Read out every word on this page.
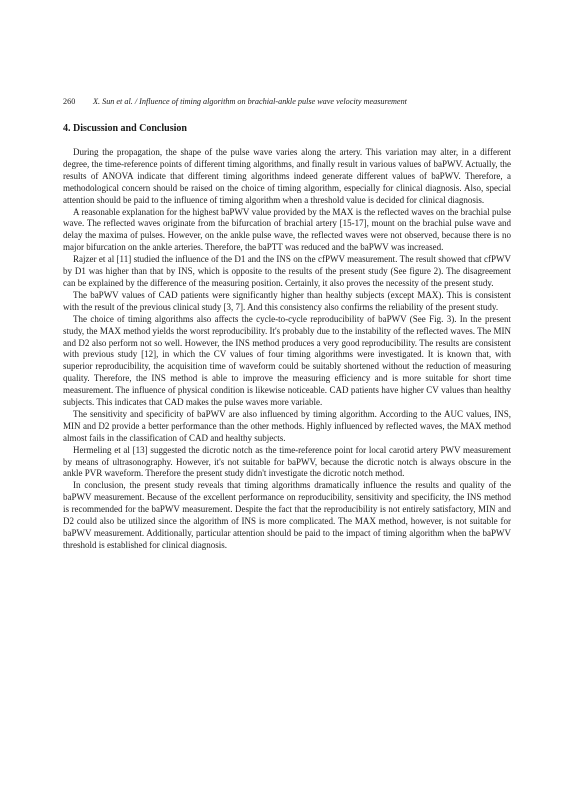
260	X. Sun et al. / Influence of timing algorithm on brachial-ankle pulse wave velocity measurement
4. Discussion and Conclusion

During the propagation, the shape of the pulse wave varies along the artery. This variation may alter, in a different degree, the time-reference points of different timing algorithms, and finally result in various values of baPWV. Actually, the results of ANOVA indicate that different timing algorithms indeed generate different values of baPWV. Therefore, a methodological concern should be raised on the choice of timing algorithm, especially for clinical diagnosis. Also, special attention should be paid to the influence of timing algorithm when a threshold value is decided for clinical diagnosis.

A reasonable explanation for the highest baPWV value provided by the MAX is the reflected waves on the brachial pulse wave. The reflected waves originate from the bifurcation of brachial artery [15-17], mount on the brachial pulse wave and delay the maxima of pulses. However, on the ankle pulse wave, the reflected waves were not observed, because there is no major bifurcation on the ankle arteries. Therefore, the baPTT was reduced and the baPWV was increased.

Rajzer et al [11] studied the influence of the D1 and the INS on the cfPWV measurement. The result showed that cfPWV by D1 was higher than that by INS, which is opposite to the results of the present study (See figure 2). The disagreement can be explained by the difference of the measuring position. Certainly, it also proves the necessity of the present study.

The baPWV values of CAD patients were significantly higher than healthy subjects (except MAX). This is consistent with the result of the previous clinical study [3, 7]. And this consistency also confirms the reliability of the present study.

The choice of timing algorithms also affects the cycle-to-cycle reproducibility of baPWV (See Fig. 3). In the present study, the MAX method yields the worst reproducibility. It's probably due to the instability of the reflected waves. The MIN and D2 also perform not so well. However, the INS method produces a very good reproducibility. The results are consistent with previous study [12], in which the CV values of four timing algorithms were investigated. It is known that, with superior reproducibility, the acquisition time of waveform could be suitably shortened without the reduction of measuring quality. Therefore, the INS method is able to improve the measuring efficiency and is more suitable for short time measurement. The influence of physical condition is likewise noticeable. CAD patients have higher CV values than healthy subjects. This indicates that CAD makes the pulse waves more variable.

The sensitivity and specificity of baPWV are also influenced by timing algorithm. According to the AUC values, INS, MIN and D2 provide a better performance than the other methods. Highly influenced by reflected waves, the MAX method almost fails in the classification of CAD and healthy subjects.

Hermeling et al [13] suggested the dicrotic notch as the time-reference point for local carotid artery PWV measurement by means of ultrasonography. However, it's not suitable for baPWV, because the dicrotic notch is always obscure in the ankle PVR waveform. Therefore the present study didn't investigate the dicrotic notch method.

In conclusion, the present study reveals that timing algorithms dramatically influence the results and quality of the baPWV measurement. Because of the excellent performance on reproducibility, sensitivity and specificity, the INS method is recommended for the baPWV measurement. Despite the fact that the reproducibility is not entirely satisfactory, MIN and D2 could also be utilized since the algorithm of INS is more complicated. The MAX method, however, is not suitable for baPWV measurement. Additionally, particular attention should be paid to the impact of timing algorithm when the baPWV threshold is established for clinical diagnosis.
